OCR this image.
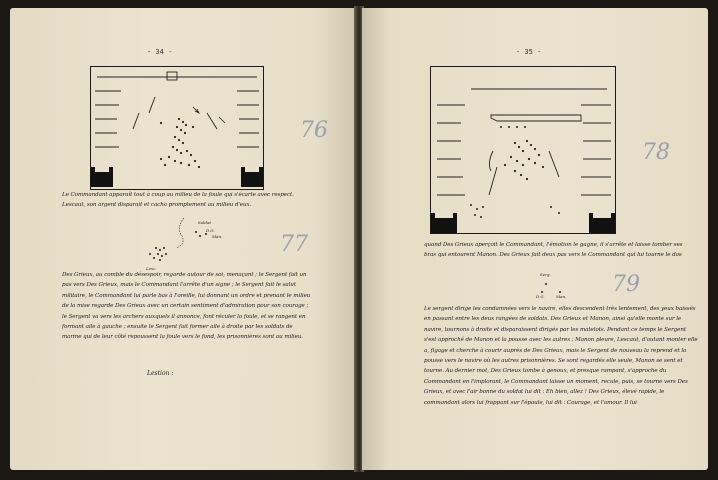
- 34 -
76
Le Commandant apparaît tout à coup au milieu de la foule qui s'écarte avec respect. Lescaut, son argent disparait et cacha promptement au milieu d'eux.
Soldat
D.G.
Man.
Lesc.
77
Des Grieux, au comble du désespoir, regarde autour de soi, menaçant ; le Sergent fait un pas vers Des Grieux, mais le Commandant l'arrête d'un signe ; le Sergent fait le salut militaire, le Commandant lui parle bas à l'oreille, lui donnant un ordre et prenant le milieu de la mise regarde Des Grieux avec un certain sentiment d'admiration pour son courage ; le Sergent va vers les archers auxquels il annonce, font réculer la foule, et se rangent en formant aile à gauche ; ensuite le Sergent fait former aile à droite par les soldats de marine qui de leur côté repoussent la foule vers le fond, les prisonnières sont au milieu.
Lestion :
- 35 -
78
quand Des Grieux aperçoit le Commandant, l'émotion le gagne, il s'arrête et laisse tomber ses bras qui entourent Manon. Des Grieux fait deux pas vers le Commandant qui lui tourne le dos
Serg.
D.G.	Man. 79
Le sergent dirige les condamnées vers le navire, elles descendent très lentement, des yeux baissés en passant entre les deux rangées de soldats. Des Grieux et Manon, ainsi qu'elle monte sur le navire, tournons à droite et disparaissent dirigés par les matelots. Pendant ce temps le Sergent s'est approché de Manon et la pousse avec les autres ; Manon pleure, Lescaut, d'autant monter elle a, figage et cherche à courir auprès de Des Grieux, mais le Sergent de nouveau la reprend et la pousse vers le navire où les autres prisonnières. Se sont regardés elle seule, Manon se sent et tourne. Au dernier mot, Des Grieux tombe à genoux, et presque rampant, s'approche du Commandant en l'implorant, le Commandant laisse un moment, recule, puis, se tourne vers Des Grieux, et avec l'air bonne du soldat lui dit : Eh bien, allez ! Des Grieux, élevé rapide, le commandant alors lui frappant sur l'épaule, lui dit : Courage, et l'amour. Il lui
